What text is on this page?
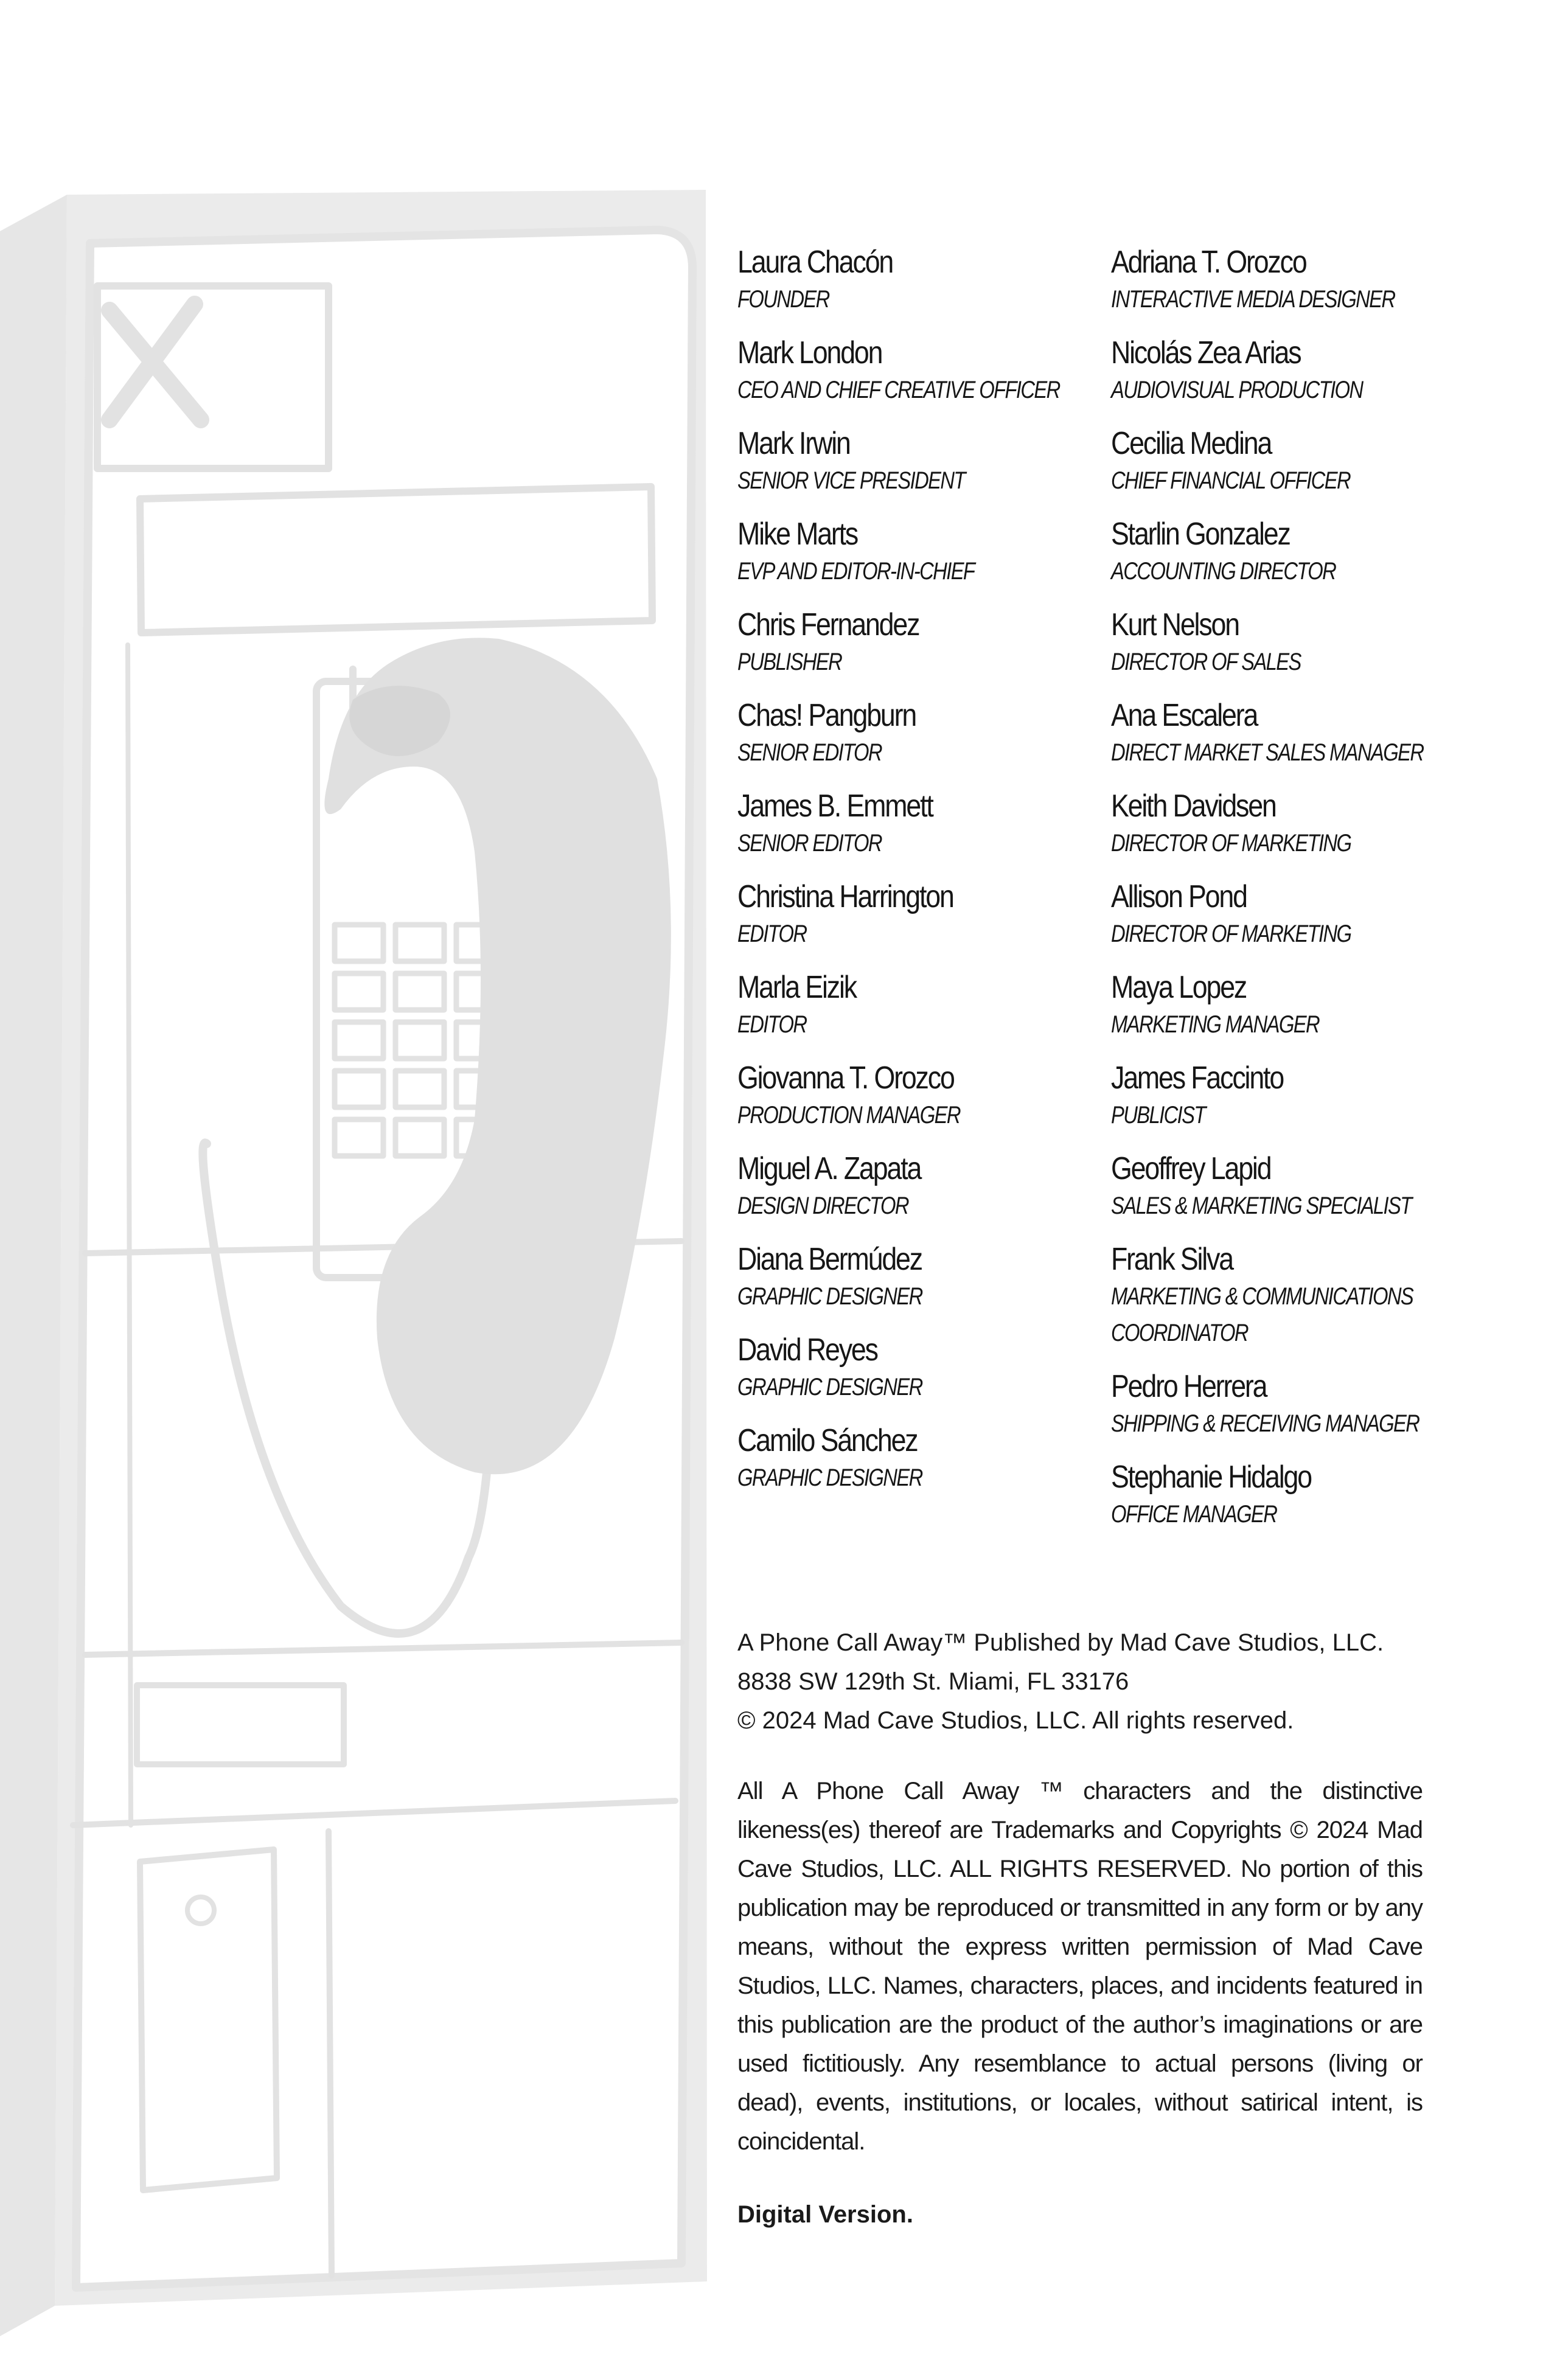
Laura Chacón
FOUNDER
Mark London
CEO AND CHIEF CREATIVE OFFICER
Mark Irwin
SENIOR VICE PRESIDENT
Mike Marts
EVP AND EDITOR-IN-CHIEF
Chris Fernandez
PUBLISHER
Chas! Pangburn
SENIOR EDITOR
James B. Emmett
SENIOR EDITOR
Christina Harrington
EDITOR
Marla Eizik
EDITOR
Giovanna T. Orozco
PRODUCTION MANAGER
Miguel A. Zapata
DESIGN DIRECTOR
Diana Bermúdez
GRAPHIC DESIGNER
David Reyes
GRAPHIC DESIGNER
Camilo Sánchez
GRAPHIC DESIGNER
Adriana T. Orozco
INTERACTIVE MEDIA DESIGNER
Nicolás Zea Arias
AUDIOVISUAL PRODUCTION
Cecilia Medina
CHIEF FINANCIAL OFFICER
Starlin Gonzalez
ACCOUNTING DIRECTOR
Kurt Nelson
DIRECTOR OF SALES
Ana Escalera
DIRECT MARKET SALES MANAGER
Keith Davidsen
DIRECTOR OF MARKETING
Allison Pond
DIRECTOR OF MARKETING
Maya Lopez
MARKETING MANAGER
James Faccinto
PUBLICIST
Geoffrey Lapid
SALES & MARKETING SPECIALIST
Frank Silva
MARKETING & COMMUNICATIONS COORDINATOR
Pedro Herrera
SHIPPING & RECEIVING MANAGER
Stephanie Hidalgo
OFFICE MANAGER

A Phone Call Away™ Published by Mad Cave Studios, LLC.
8838 SW 129th St. Miami, FL 33176
© 2024 Mad Cave Studios, LLC. All rights reserved.

All A Phone Call Away ™ characters and the distinctive likeness(es) thereof are Trademarks and Copyrights © 2024 Mad Cave Studios, LLC. ALL RIGHTS RESERVED. No portion of this publication may be reproduced or transmitted in any form or by any means, without the express written permission of Mad Cave Studios, LLC. Names, characters, places, and incidents featured in this publication are the product of the author’s imaginations or are used fictitiously. Any resemblance to actual persons (living or dead), events, institutions, or locales, without satirical intent, is coincidental.

Digital Version.
